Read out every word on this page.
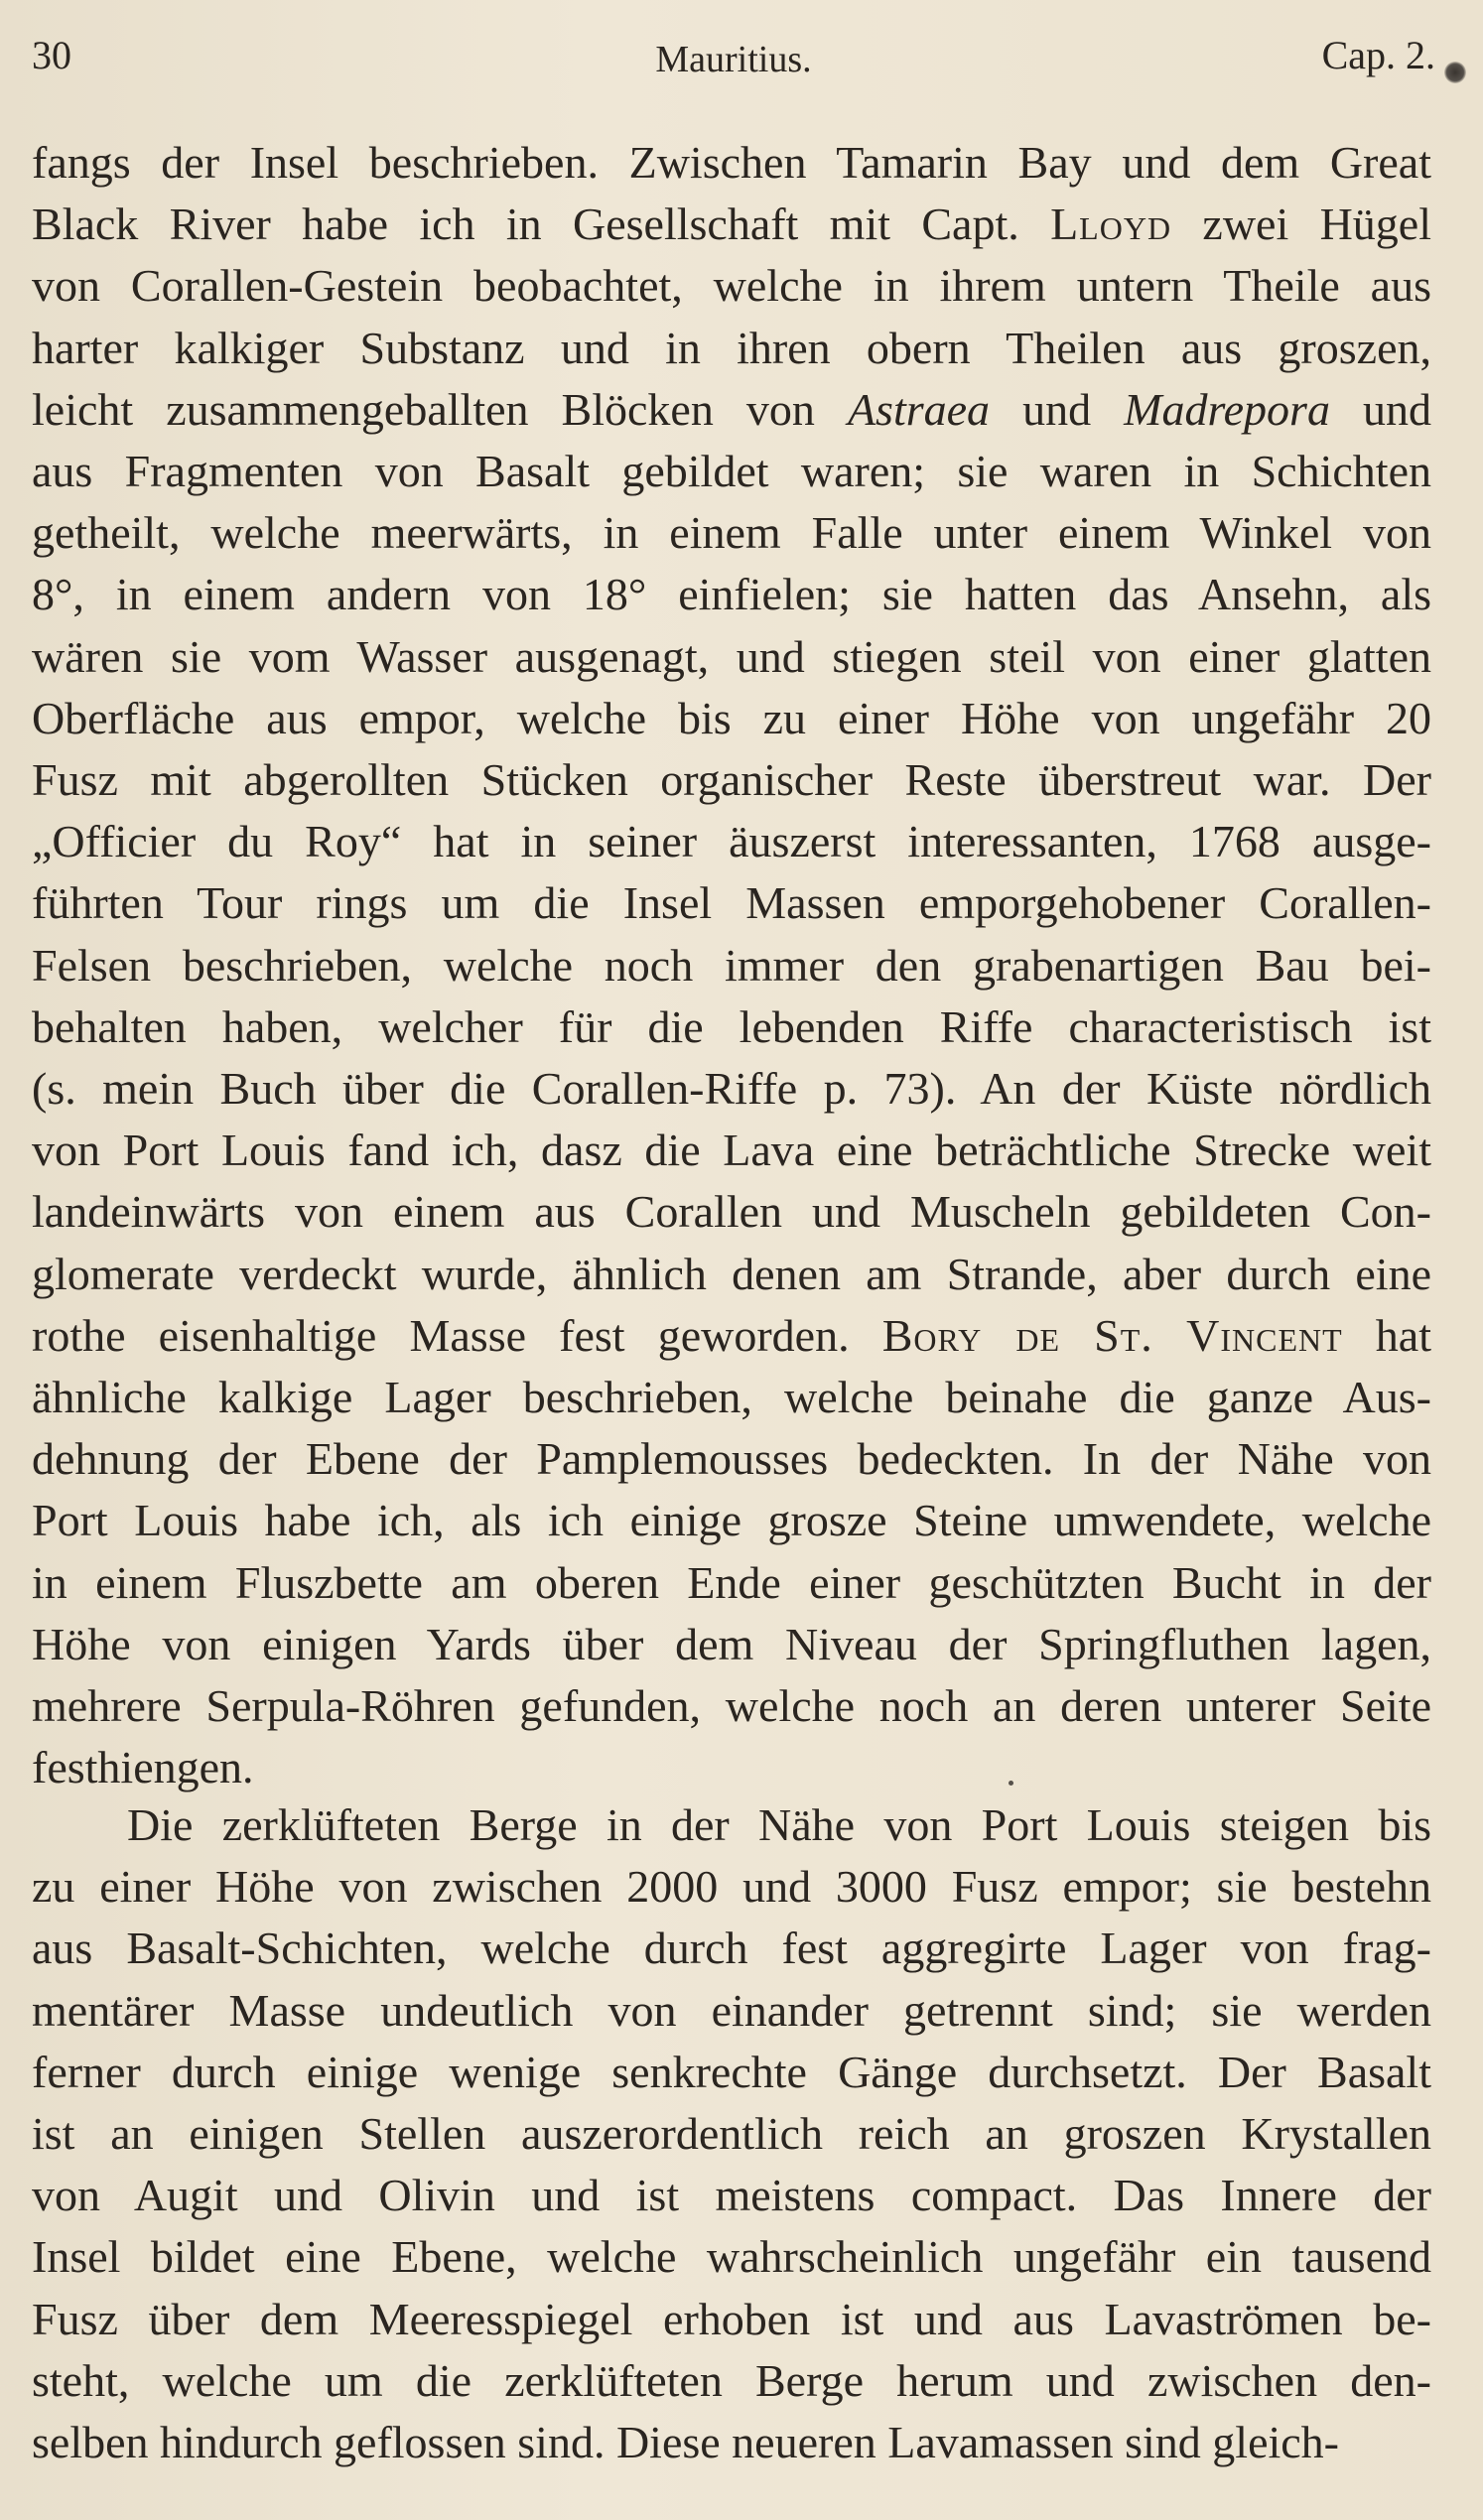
30	Mauritius.	Cap. 2.
fangs der Insel beschrieben. Zwischen Tamarin Bay und dem Great
Black River habe ich in Gesellschaft mit Capt. Lloyd zwei Hügel
von Corallen-Gestein beobachtet, welche in ihrem untern Theile aus
harter kalkiger Substanz und in ihren obern Theilen aus groszen,
leicht zusammengeballten Blöcken von Astraea und Madrepora und
aus Fragmenten von Basalt gebildet waren; sie waren in Schichten
getheilt, welche meerwärts, in einem Falle unter einem Winkel von
8°, in einem andern von 18° einfielen; sie hatten das Ansehn, als
wären sie vom Wasser ausgenagt, und stiegen steil von einer glatten
Oberfläche aus empor, welche bis zu einer Höhe von ungefähr 20
Fusz mit abgerollten Stücken organischer Reste überstreut war. Der
„Officier du Roy“ hat in seiner äuszerst interessanten, 1768 ausge-
führten Tour rings um die Insel Massen emporgehobener Corallen-
Felsen beschrieben, welche noch immer den grabenartigen Bau bei-
behalten haben, welcher für die lebenden Riffe characteristisch ist
(s. mein Buch über die Corallen-Riffe p. 73). An der Küste nördlich
von Port Louis fand ich, dasz die Lava eine beträchtliche Strecke weit
landeinwärts von einem aus Corallen und Muscheln gebildeten Con-
glomerate verdeckt wurde, ähnlich denen am Strande, aber durch eine
rothe eisenhaltige Masse fest geworden. Bory de St. Vincent hat
ähnliche kalkige Lager beschrieben, welche beinahe die ganze Aus-
dehnung der Ebene der Pamplemousses bedeckten. In der Nähe von
Port Louis habe ich, als ich einige grosze Steine umwendete, welche
in einem Fluszbette am oberen Ende einer geschützten Bucht in der
Höhe von einigen Yards über dem Niveau der Springfluthen lagen,
mehrere Serpula-Röhren gefunden, welche noch an deren unterer Seite
festhiengen.
Die zerklüfteten Berge in der Nähe von Port Louis steigen bis
zu einer Höhe von zwischen 2000 und 3000 Fusz empor; sie bestehn
aus Basalt-Schichten, welche durch fest aggregirte Lager von frag-
mentärer Masse undeutlich von einander getrennt sind; sie werden
ferner durch einige wenige senkrechte Gänge durchsetzt. Der Basalt
ist an einigen Stellen auszerordentlich reich an groszen Krystallen
von Augit und Olivin und ist meistens compact. Das Innere der
Insel bildet eine Ebene, welche wahrscheinlich ungefähr ein tausend
Fusz über dem Meeresspiegel erhoben ist und aus Lavaströmen be-
steht, welche um die zerklüfteten Berge herum und zwischen den-
selben hindurch geflossen sind. Diese neueren Lavamassen sind gleich-
